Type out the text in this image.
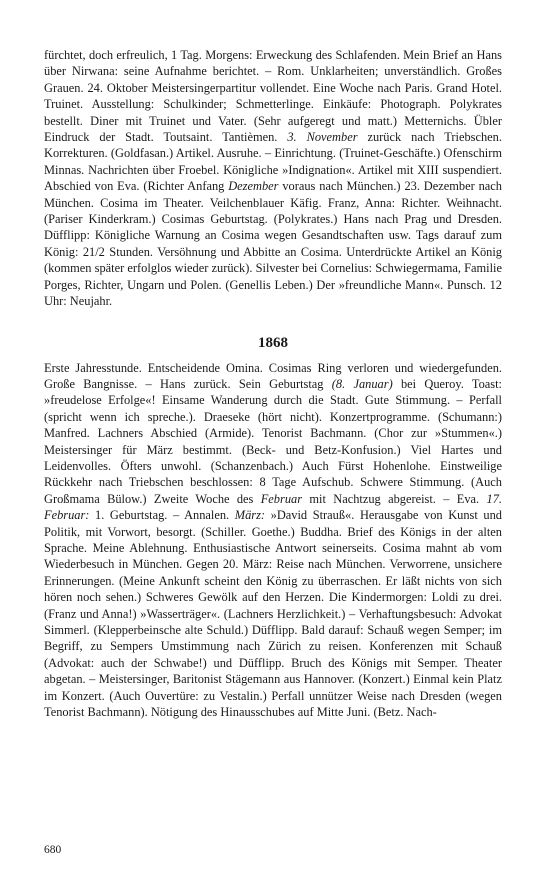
fürchtet, doch erfreulich, 1 Tag. Morgens: Erweckung des Schlafenden. Mein Brief an Hans über Nirwana: seine Aufnahme berichtet. – Rom. Unklarheiten; unverständlich. Großes Grauen. 24. Oktober Meistersingerpartitur vollendet. Eine Woche nach Paris. Grand Hotel. Truinet. Ausstellung: Schulkinder; Schmetterlinge. Einkäufe: Photograph. Polykrates bestellt. Diner mit Truinet und Vater. (Sehr aufgeregt und matt.) Metternichs. Übler Eindruck der Stadt. Toutsaint. Tantièmen. 3. November zurück nach Triebschen. Korrekturen. (Goldfasan.) Artikel. Ausruhe. – Einrichtung. (Truinet-Geschäfte.) Ofenschirm Minnas. Nachrichten über Froebel. Königliche »Indignation«. Artikel mit XIII suspendiert. Abschied von Eva. (Richter Anfang Dezember voraus nach München.) 23. Dezember nach München. Cosima im Theater. Veilchenblauer Käfig. Franz, Anna: Richter. Weihnacht. (Pariser Kinderkram.) Cosimas Geburtstag. (Polykrates.) Hans nach Prag und Dresden. Düfflipp: Königliche Warnung an Cosima wegen Gesandtschaften usw. Tags darauf zum König: 21/2 Stunden. Versöhnung und Abbitte an Cosima. Unterdrückte Artikel an König (kommen später erfolglos wieder zurück). Silvester bei Cornelius: Schwiegermama, Familie Porges, Richter, Ungarn und Polen. (Genellis Leben.) Der »freundliche Mann«. Punsch. 12 Uhr: Neujahr.

1868

Erste Jahresstunde. Entscheidende Omina. Cosimas Ring verloren und wiedergefunden. Große Bangnisse. – Hans zurück. Sein Geburtstag (8. Januar) bei Queroy. Toast: »freudelose Erfolge«! Einsame Wanderung durch die Stadt. Gute Stimmung. – Perfall (spricht wenn ich spreche.). Draeseke (hört nicht). Konzertprogramme. (Schumann:) Manfred. Lachners Abschied (Armide). Tenorist Bachmann. (Chor zur »Stummen«.) Meistersinger für März bestimmt. (Beck- und Betz-Konfusion.) Viel Hartes und Leidenvolles. Öfters unwohl. (Schanzenbach.) Auch Fürst Hohenlohe. Einstweilige Rückkehr nach Triebschen beschlossen: 8 Tage Aufschub. Schwere Stimmung. (Auch Großmama Bülow.) Zweite Woche des Februar mit Nachtzug abgereist. – Eva. 17. Februar: 1. Geburtstag. – Annalen. März: »David Strauß«. Herausgabe von Kunst und Politik, mit Vorwort, besorgt. (Schiller. Goethe.) Buddha. Brief des Königs in der alten Sprache. Meine Ablehnung. Enthusiastische Antwort seinerseits. Cosima mahnt ab vom Wiederbesuch in München. Gegen 20. März: Reise nach München. Verworrene, unsichere Erinnerungen. (Meine Ankunft scheint den König zu überraschen. Er läßt nichts von sich hören noch sehen.) Schweres Gewölk auf den Herzen. Die Kindermorgen: Loldi zu drei. (Franz und Anna!) »Wasserträger«. (Lachners Herzlichkeit.) – Verhaftungsbesuch: Advokat Simmerl. (Klepperbeinsche alte Schuld.) Düfflipp. Bald darauf: Schauß wegen Semper; im Begriff, zu Sempers Umstimmung nach Zürich zu reisen. Konferenzen mit Schauß (Advokat: auch der Schwabe!) und Düfflipp. Bruch des Königs mit Semper. Theater abgetan. – Meistersinger, Baritonist Stägemann aus Hannover. (Konzert.) Einmal kein Platz im Konzert. (Auch Ouvertüre: zu Vestalin.) Perfall unnützer Weise nach Dresden (wegen Tenorist Bachmann). Nötigung des Hinausschubes auf Mitte Juni. (Betz. Nach-

680
